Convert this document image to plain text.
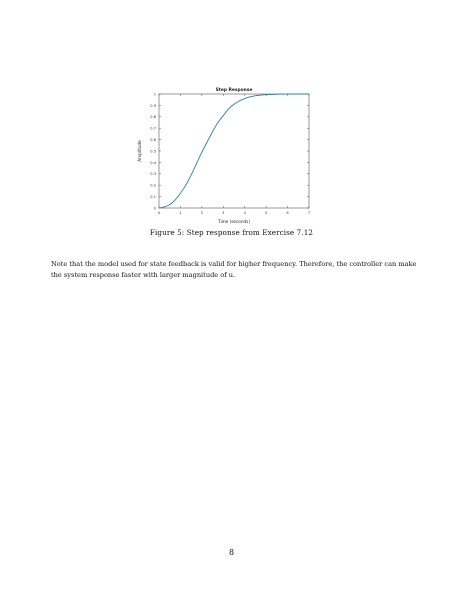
Step Response
0
0.1
0.2
0.3
0.4
0.5
0.6
0.7
0.8
0.9
1
0	1	2	3	4	5	6	7
Amplitude
Time (seconds)
Figure 5: Step response from Exercise 7.12
Note that the model used for state feedback is valid for higher frequency. Therefore, the controller can make
the system response faster with larger magnitude of u.
8
